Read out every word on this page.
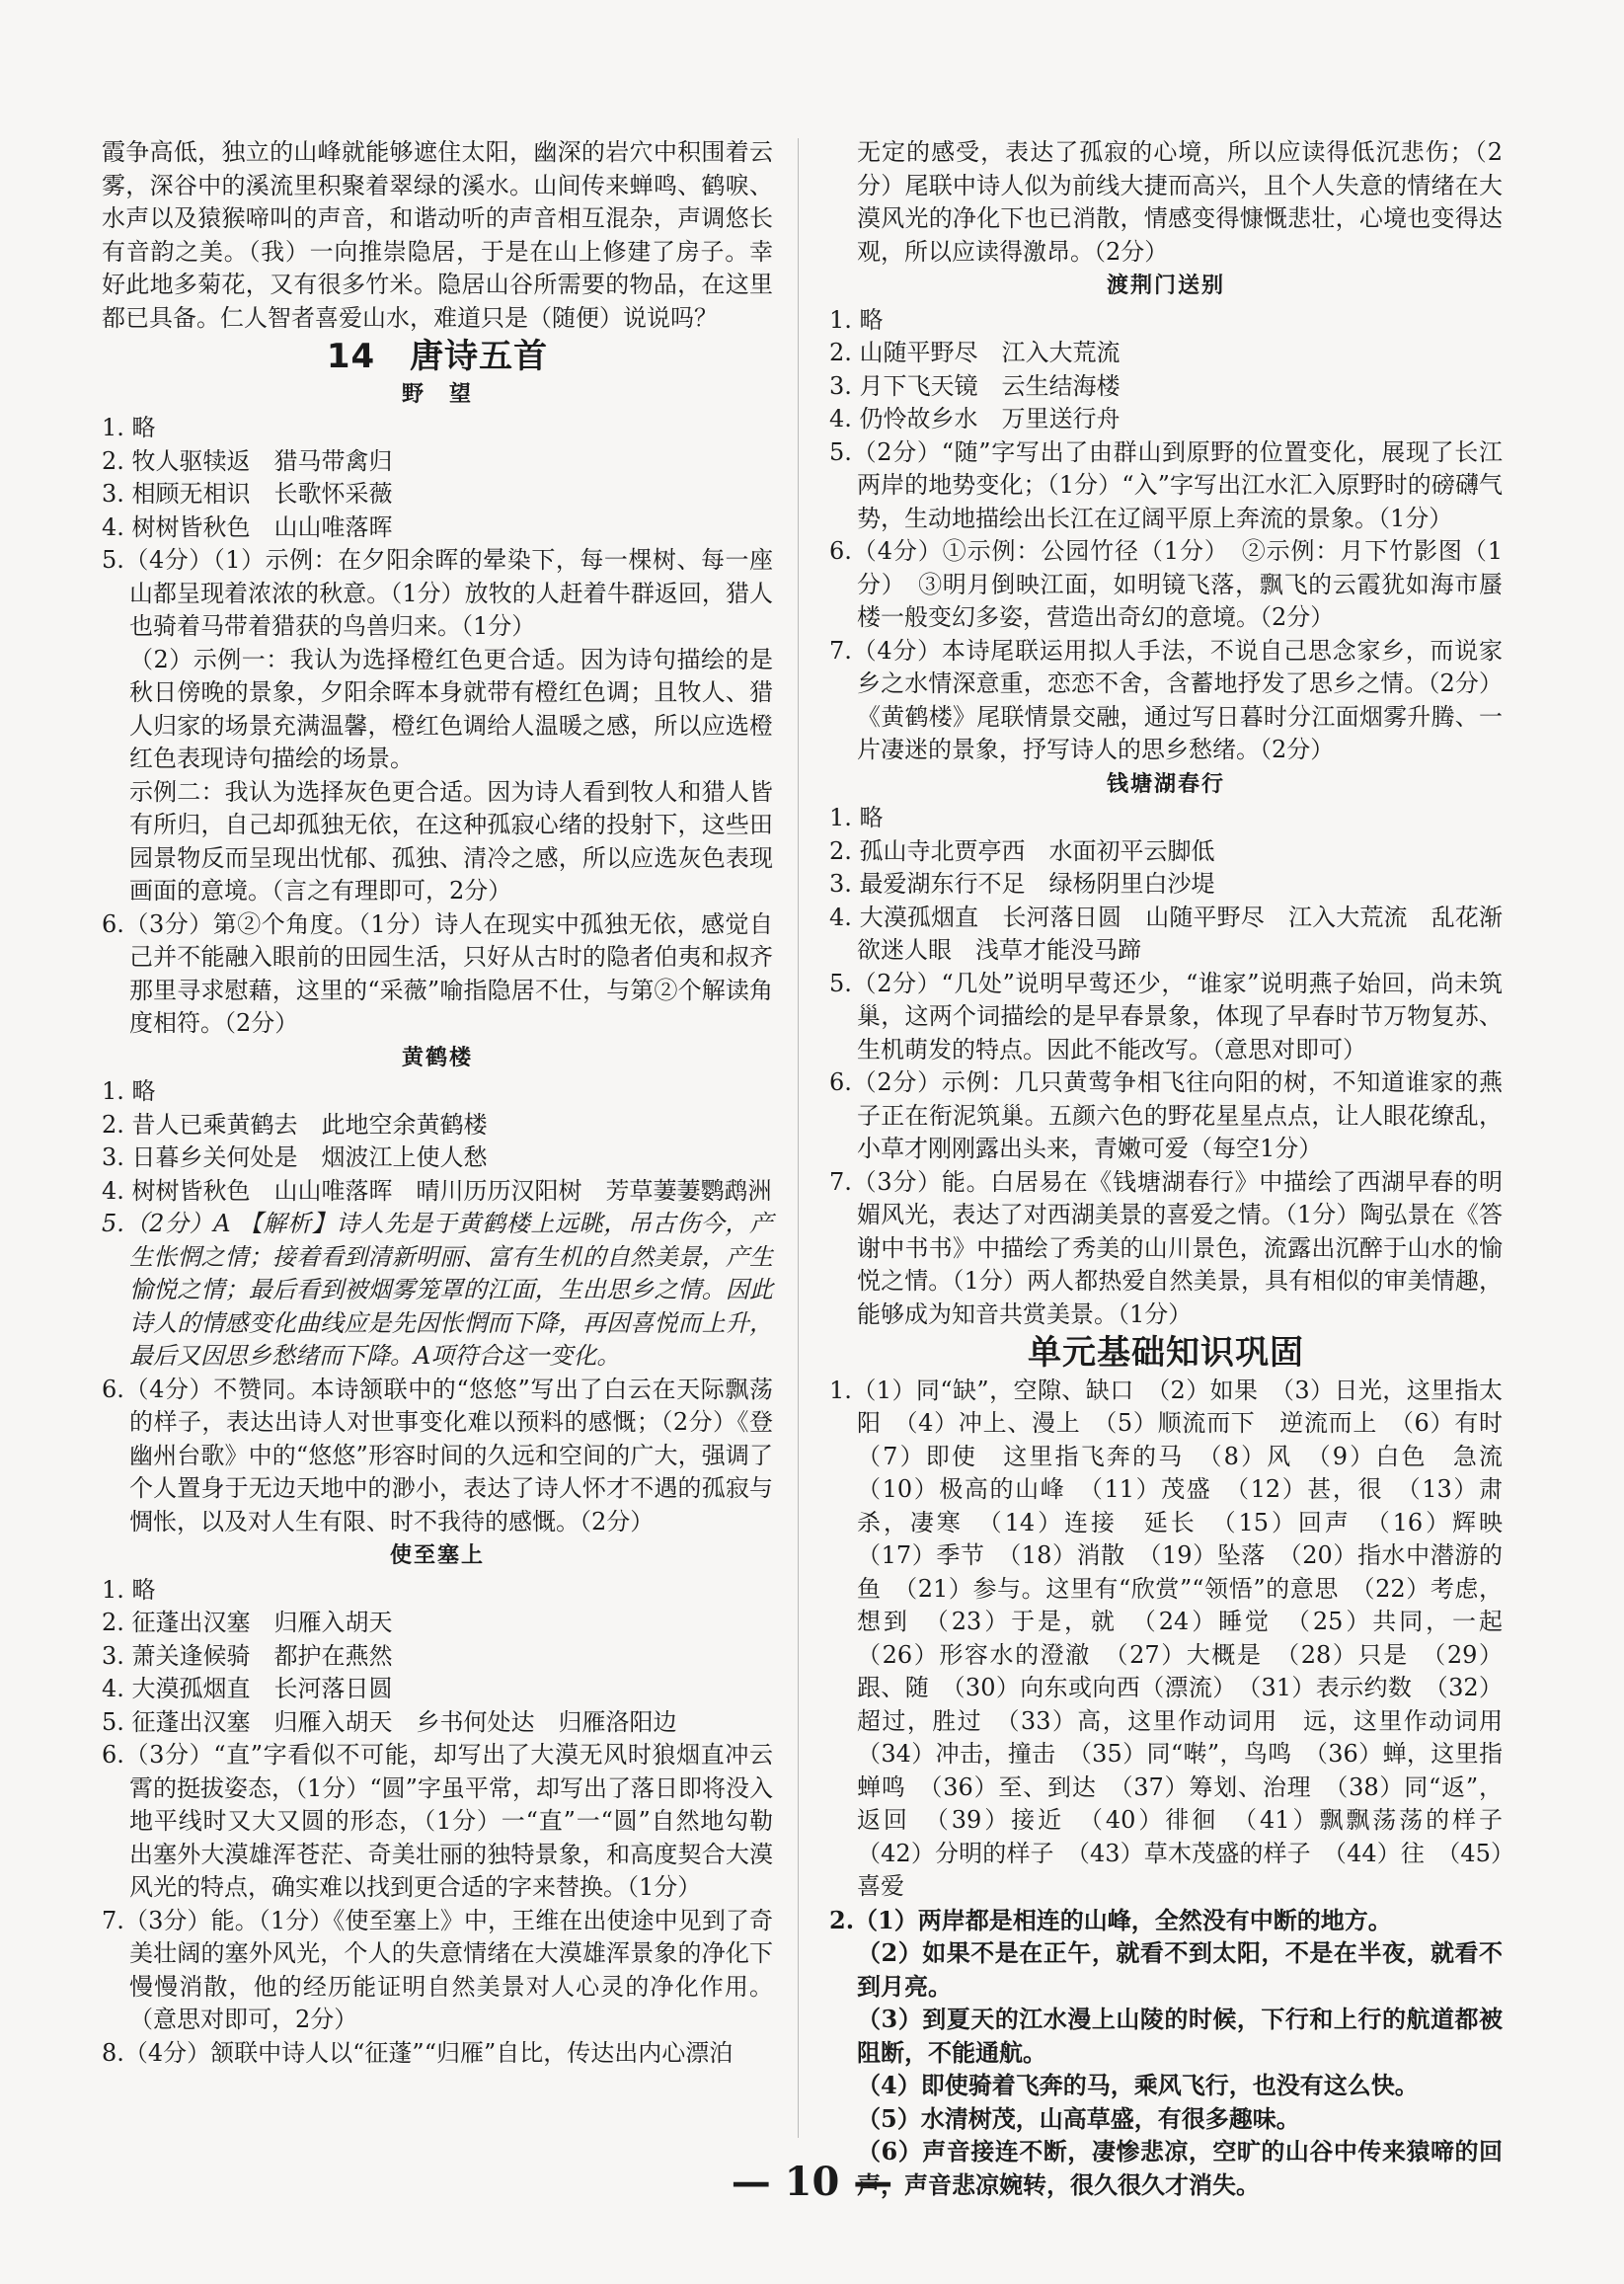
霞争高低，独立的山峰就能够遮住太阳，幽深的岩穴中积围着云雾，深谷中的溪流里积聚着翠绿的溪水。山间传来蝉鸣、鹤唳、水声以及猿猴啼叫的声音，和谐动听的声音相互混杂，声调悠长有音韵之美。（我）一向推崇隐居，于是在山上修建了房子。幸好此地多菊花，又有很多竹米。隐居山谷所需要的物品，在这里都已具备。仁人智者喜爱山水，难道只是（随便）说说吗？

14　唐诗五首
野　望

1. 略

2. 牧人驱犊返　猎马带禽归

3. 相顾无相识　长歌怀采薇

4. 树树皆秋色　山山唯落晖

5.（4分）（1）示例：在夕阳余晖的晕染下，每一棵树、每一座山都呈现着浓浓的秋意。（1分）放牧的人赶着牛群返回，猎人也骑着马带着猎获的鸟兽归来。（1分）

（2）示例一：我认为选择橙红色更合适。因为诗句描绘的是秋日傍晚的景象，夕阳余晖本身就带有橙红色调；且牧人、猎人归家的场景充满温馨，橙红色调给人温暖之感，所以应选橙红色表现诗句描绘的场景。

示例二：我认为选择灰色更合适。因为诗人看到牧人和猎人皆有所归，自己却孤独无依，在这种孤寂心绪的投射下，这些田园景物反而呈现出忧郁、孤独、清冷之感，所以应选灰色表现画面的意境。（言之有理即可，2分）

6.（3分）第②个角度。（1分）诗人在现实中孤独无依，感觉自己并不能融入眼前的田园生活，只好从古时的隐者伯夷和叔齐那里寻求慰藉，这里的“采薇”喻指隐居不仕，与第②个解读角度相符。（2分）

黄鹤楼

1. 略

2. 昔人已乘黄鹤去　此地空余黄鹤楼

3. 日暮乡关何处是　烟波江上使人愁

4. 树树皆秋色　山山唯落晖　晴川历历汉阳树　芳草萋萋鹦鹉洲

5.（2分）A 【解析】诗人先是于黄鹤楼上远眺，吊古伤今，产生怅惘之情；接着看到清新明丽、富有生机的自然美景，产生愉悦之情；最后看到被烟雾笼罩的江面，生出思乡之情。因此诗人的情感变化曲线应是先因怅惘而下降，再因喜悦而上升，最后又因思乡愁绪而下降。A项符合这一变化。

6.（4分）不赞同。本诗颔联中的“悠悠”写出了白云在天际飘荡的样子，表达出诗人对世事变化难以预料的感慨；（2分）《登幽州台歌》中的“悠悠”形容时间的久远和空间的广大，强调了个人置身于无边天地中的渺小，表达了诗人怀才不遇的孤寂与惆怅，以及对人生有限、时不我待的感慨。（2分）

使至塞上

1. 略

2. 征蓬出汉塞　归雁入胡天

3. 萧关逢候骑　都护在燕然

4. 大漠孤烟直　长河落日圆

5. 征蓬出汉塞　归雁入胡天　乡书何处达　归雁洛阳边

6.（3分）“直”字看似不可能，却写出了大漠无风时狼烟直冲云霄的挺拔姿态，（1分）“圆”字虽平常，却写出了落日即将没入地平线时又大又圆的形态，（1分）一“直”一“圆”自然地勾勒出塞外大漠雄浑苍茫、奇美壮丽的独特景象，和高度契合大漠风光的特点，确实难以找到更合适的字来替换。（1分）

7.（3分）能。（1分）《使至塞上》中，王维在出使途中见到了奇美壮阔的塞外风光，个人的失意情绪在大漠雄浑景象的净化下慢慢消散，他的经历能证明自然美景对人心灵的净化作用。（意思对即可，2分）

8.（4分）颔联中诗人以“征蓬”“归雁”自比，传达出内心漂泊

无定的感受，表达了孤寂的心境，所以应读得低沉悲伤；（2分）尾联中诗人似为前线大捷而高兴，且个人失意的情绪在大漠风光的净化下也已消散，情感变得慷慨悲壮，心境也变得达观，所以应读得激昂。（2分）

渡荆门送别

1. 略

2. 山随平野尽　江入大荒流

3. 月下飞天镜　云生结海楼

4. 仍怜故乡水　万里送行舟

5.（2分）“随”字写出了由群山到原野的位置变化，展现了长江两岸的地势变化；（1分）“入”字写出江水汇入原野时的磅礴气势，生动地描绘出长江在辽阔平原上奔流的景象。（1分）

6.（4分）①示例：公园竹径（1分）　②示例：月下竹影图（1分）　③明月倒映江面，如明镜飞落，飘飞的云霞犹如海市蜃楼一般变幻多姿，营造出奇幻的意境。（2分）

7.（4分）本诗尾联运用拟人手法，不说自己思念家乡，而说家乡之水情深意重，恋恋不舍，含蓄地抒发了思乡之情。（2分）《黄鹤楼》尾联情景交融，通过写日暮时分江面烟雾升腾、一片凄迷的景象，抒写诗人的思乡愁绪。（2分）

钱塘湖春行

1. 略

2. 孤山寺北贾亭西　水面初平云脚低

3. 最爱湖东行不足　绿杨阴里白沙堤

4. 大漠孤烟直　长河落日圆　山随平野尽　江入大荒流　乱花渐欲迷人眼　浅草才能没马蹄

5.（2分）“几处”说明早莺还少，“谁家”说明燕子始回，尚未筑巢，这两个词描绘的是早春景象，体现了早春时节万物复苏、生机萌发的特点。因此不能改写。（意思对即可）

6.（2分）示例：几只黄莺争相飞往向阳的树，不知道谁家的燕子正在衔泥筑巢。五颜六色的野花星星点点，让人眼花缭乱，小草才刚刚露出头来，青嫩可爱（每空1分）

7.（3分）能。白居易在《钱塘湖春行》中描绘了西湖早春的明媚风光，表达了对西湖美景的喜爱之情。（1分）陶弘景在《答谢中书书》中描绘了秀美的山川景色，流露出沉醉于山水的愉悦之情。（1分）两人都热爱自然美景，具有相似的审美情趣，能够成为知音共赏美景。（1分）

单元基础知识巩固

1.（1）同“缺”，空隙、缺口　（2）如果　（3）日光，这里指太阳　（4）冲上、漫上　（5）顺流而下　逆流而上　（6）有时　（7）即使　这里指飞奔的马　（8）风　（9）白色　急流　（10）极高的山峰　（11）茂盛　（12）甚，很　（13）肃杀，凄寒　（14）连接　延长　（15）回声　（16）辉映　（17）季节　（18）消散　（19）坠落　（20）指水中潜游的鱼　（21）参与。这里有“欣赏”“领悟”的意思　（22）考虑，想到　（23）于是，就　（24）睡觉　（25）共同，一起　（26）形容水的澄澈　（27）大概是　（28）只是　（29）跟、随　（30）向东或向西（漂流）　（31）表示约数　（32）超过，胜过　（33）高，这里作动词用　远，这里作动词用　（34）冲击，撞击　（35）同“啭”，鸟鸣　（36）蝉，这里指蝉鸣　（36）至、到达　（37）筹划、治理　（38）同“返”，返回　（39）接近　（40）徘徊　（41）飘飘荡荡的样子　（42）分明的样子　（43）草木茂盛的样子　（44）往　（45）喜爱

2.（1）两岸都是相连的山峰，全然没有中断的地方。

（2）如果不是在正午，就看不到太阳，不是在半夜，就看不到月亮。

（3）到夏天的江水漫上山陵的时候，下行和上行的航道都被阻断，不能通航。

（4）即使骑着飞奔的马，乘风飞行，也没有这么快。

（5）水清树茂，山高草盛，有很多趣味。

（6）声音接连不断，凄惨悲凉，空旷的山谷中传来猿啼的回声，声音悲凉婉转，很久很久才消失。

— 10 —
